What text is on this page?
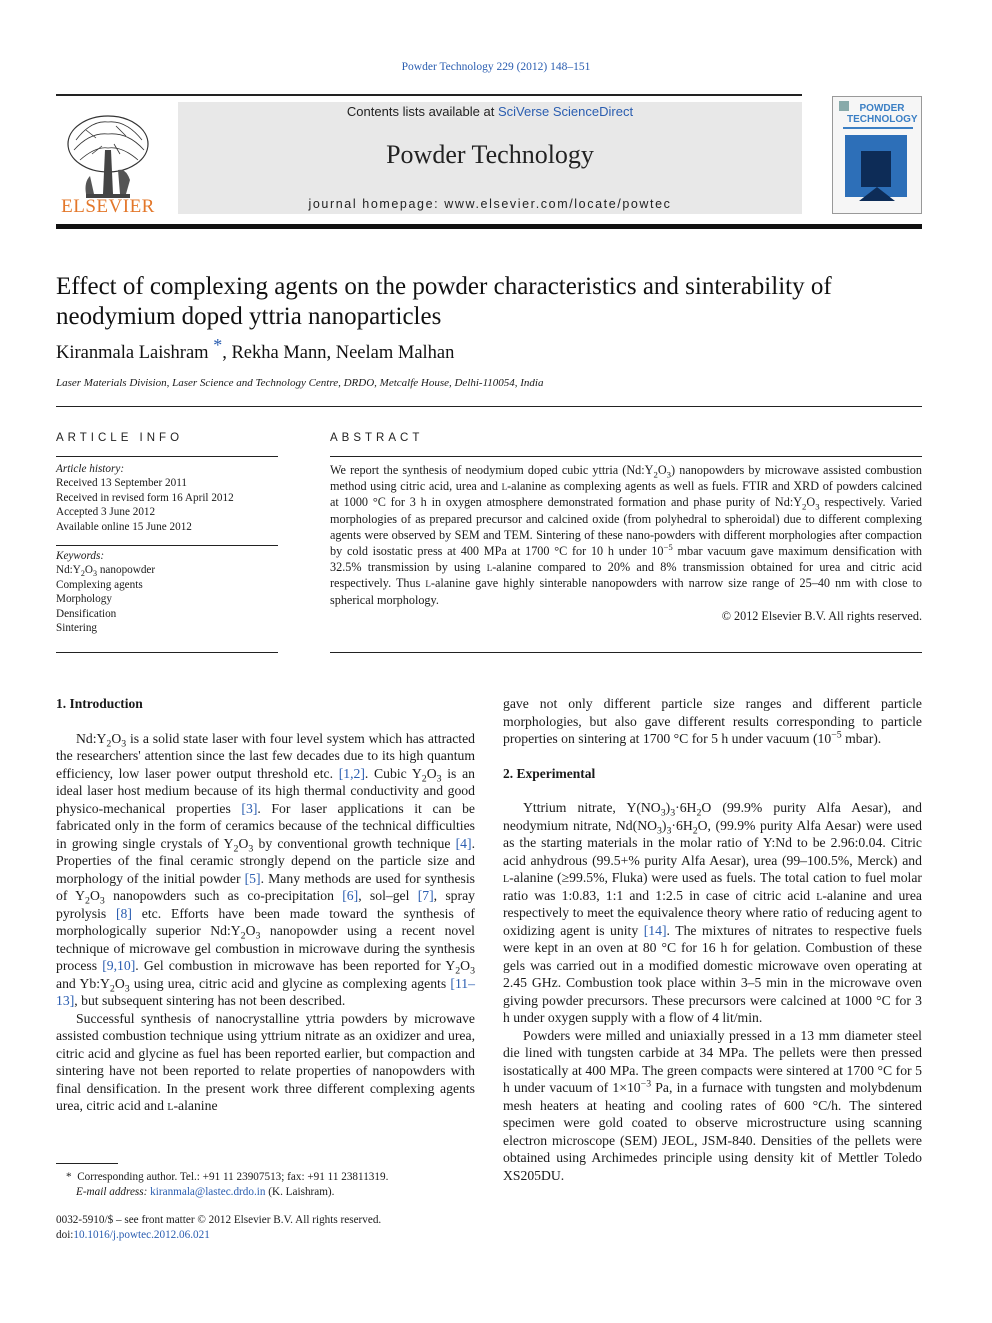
Powder Technology 229 (2012) 148–151
ELSEVIER
Contents lists available at SciVerse ScienceDirect
Powder Technology
journal homepage: www.elsevier.com/locate/powtec
POWDER TECHNOLOGY
Effect of complexing agents on the powder characteristics and sinterability of
neodymium doped yttria nanoparticles
Kiranmala Laishram *, Rekha Mann, Neelam Malhan
Laser Materials Division, Laser Science and Technology Centre, DRDO, Metcalfe House, Delhi-110054, India
ARTICLE INFO
Article history:
Received 13 September 2011
Received in revised form 16 April 2012
Accepted 3 June 2012
Available online 15 June 2012
Keywords:
$Nd:Y_2O_3$ nanopowder
Complexing agents
Morphology
Densification
Sintering
ABSTRACT
We report the synthesis of neodymium doped cubic yttria $(Nd:Y_2O_3)$ nanopowders by microwave assisted combustion method using citric acid, urea and l-alanine as complexing agents as well as fuels. FTIR and XRD of powders calcined at 1000 °C for 3 h in oxygen atmosphere demonstrated formation and phase purity of $Nd:Y_2O_3$ respectively. Varied morphologies of as prepared precursor and calcined oxide (from polyhedral to spheroidal) due to different complexing agents were observed by SEM and TEM. Sintering of these nano-powders with different morphologies after compaction by cold isostatic press at 400 MPa at 1700 °C for 10 h under $10^{-5}$ mbar vacuum gave maximum densification with 32.5% transmission by using l-alanine compared to 20% and 8% transmission obtained for urea and citric acid respectively. Thus l-alanine gave highly sinterable nanopowders with narrow size range of 25–40 nm with close to spherical morphology.
© 2012 Elsevier B.V. All rights reserved.

1. Introduction

$Nd:Y_2O_3$ is a solid state laser with four level system which has attracted the researchers' attention since the last few decades due to its high quantum efficiency, low laser power output threshold etc. [1,2]. Cubic $Y_2O_3$ is an ideal laser host medium because of its high thermal conductivity and good physico-mechanical properties [3]. For laser applications it can be fabricated only in the form of ceramics because of the technical difficulties in growing single crystals of $Y_2O_3$ by conventional growth technique [4]. Properties of the final ceramic strongly depend on the particle size and morphology of the initial powder [5]. Many methods are used for synthesis of $Y_2O_3$ nanopowders such as co-precipitation [6], sol–gel [7], spray pyrolysis [8] etc. Efforts have been made toward the synthesis of morphologically superior $Nd:Y_2O_3$ nanopowder using a recent novel technique of microwave gel combustion in microwave during the synthesis process [9,10]. Gel combustion in microwave has been reported for $Y_2O_3$ and $Yb:Y_2O_3$ using urea, citric acid and glycine as complexing agents [11–13], but subsequent sintering has not been described.

Successful synthesis of nanocrystalline yttria powders by microwave assisted combustion technique using yttrium nitrate as an oxidizer and urea, citric acid and glycine as fuel has been reported earlier, but compaction and sintering have not been reported to relate properties of nanopowders with final densification. In the present work three different complexing agents urea, citric acid and l-alanine

*  Corresponding author. Tel.: +91 11 23907513; fax: +91 11 23811319.
E-mail address: kiranmala@lastec.drdo.in (K. Laishram).
0032-5910/$ – see front matter © 2012 Elsevier B.V. All rights reserved.
doi:10.1016/j.powtec.2012.06.021

gave not only different particle size ranges and different particle morphologies, but also gave different results corresponding to particle properties on sintering at 1700 °C for 5 h under vacuum ($10^{-5}$ mbar).

2. Experimental

Yttrium nitrate, $Y(NO_3)_3\cdot 6H_2O$ (99.9% purity Alfa Aesar), and neodymium nitrate, $Nd(NO_3)_3\cdot 6H_2O$, (99.9% purity Alfa Aesar) were used as the starting materials in the molar ratio of Y:Nd to be 2.96:0.04. Citric acid anhydrous (99.5+% purity Alfa Aesar), urea (99–100.5%, Merck) and l-alanine (≥99.5%, Fluka) were used as fuels. The total cation to fuel molar ratio was 1:0.83, 1:1 and 1:2.5 in case of citric acid l-alanine and urea respectively to meet the equivalence theory where ratio of reducing agent to oxidizing agent is unity [14]. The mixtures of nitrates to respective fuels were kept in an oven at 80 °C for 16 h for gelation. Combustion of these gels was carried out in a modified domestic microwave oven operating at 2.45 GHz. Combustion took place within 3–5 min in the microwave oven giving powder precursors. These precursors were calcined at 1000 °C for 3 h under oxygen supply with a flow of 4 lit/min.

Powders were milled and uniaxially pressed in a 13 mm diameter steel die lined with tungsten carbide at 34 MPa. The pellets were then pressed isostatically at 400 MPa. The green compacts were sintered at 1700 °C for 5 h under vacuum of $1\times 10^{-3}$ Pa, in a furnace with tungsten and molybdenum mesh heaters at heating and cooling rates of 600 °C/h. The sintered specimen were gold coated to observe microstructure using scanning electron microscope (SEM) JEOL, JSM-840. Densities of the pellets were obtained using Archimedes principle using density kit of Mettler Toledo XS205DU.
